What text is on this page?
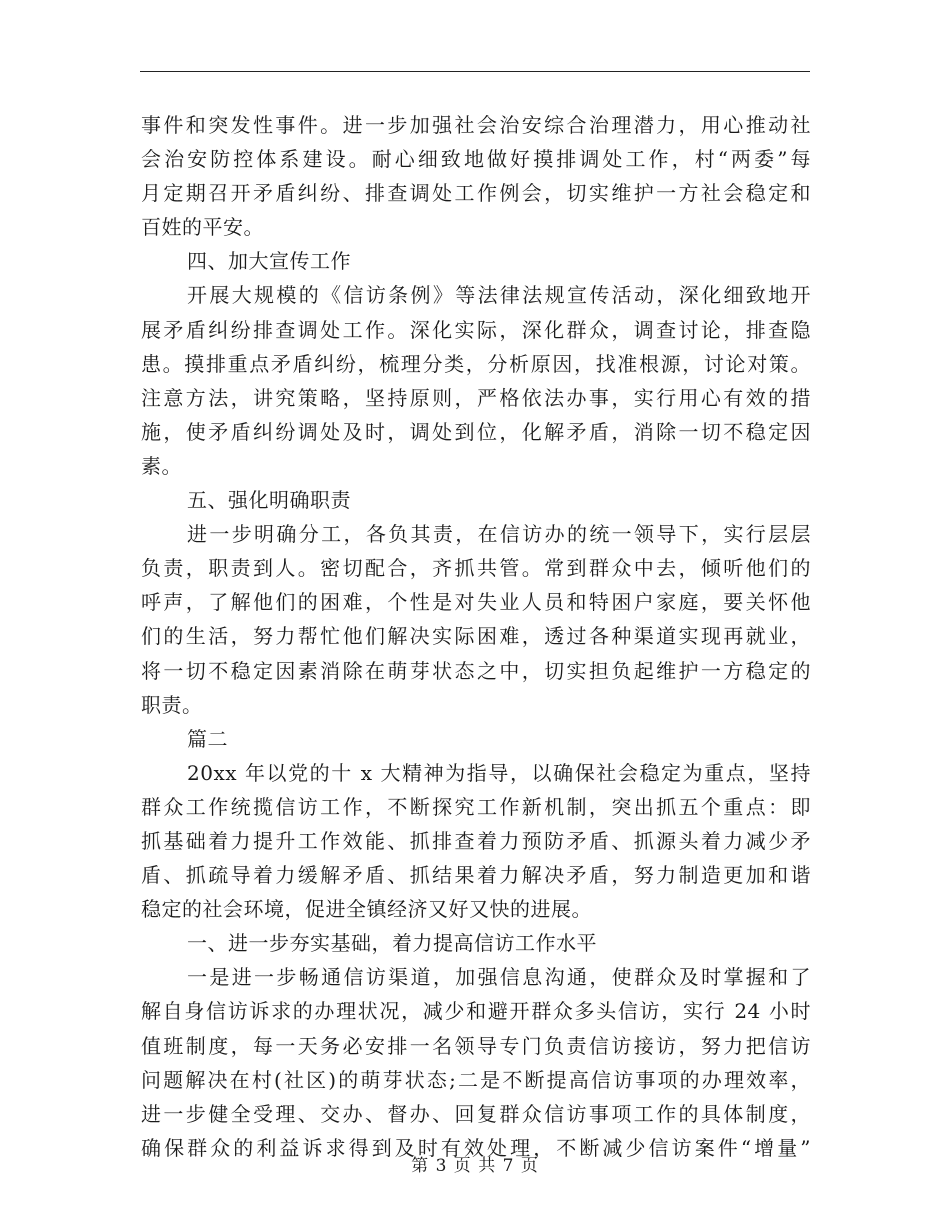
事件和突发性事件。进一步加强社会治安综合治理潜力，用心推动社
会治安防控体系建设。耐心细致地做好摸排调处工作，村“两委”每
月定期召开矛盾纠纷、排查调处工作例会，切实维护一方社会稳定和
百姓的平安。
四、加大宣传工作
开展大规模的《信访条例》等法律法规宣传活动，深化细致地开
展矛盾纠纷排查调处工作。深化实际，深化群众，调查讨论，排查隐
患。摸排重点矛盾纠纷，梳理分类，分析原因，找准根源，讨论对策。
注意方法，讲究策略，坚持原则，严格依法办事，实行用心有效的措
施，使矛盾纠纷调处及时，调处到位，化解矛盾，消除一切不稳定因
素。
五、强化明确职责
进一步明确分工，各负其责，在信访办的统一领导下，实行层层
负责，职责到人。密切配合，齐抓共管。常到群众中去，倾听他们的
呼声，了解他们的困难，个性是对失业人员和特困户家庭，要关怀他
们的生活，努力帮忙他们解决实际困难，透过各种渠道实现再就业，
将一切不稳定因素消除在萌芽状态之中，切实担负起维护一方稳定的
职责。
篇二
20xx 年以党的十 x 大精神为指导，以确保社会稳定为重点，坚持
群众工作统揽信访工作，不断探究工作新机制，突出抓五个重点：即
抓基础着力提升工作效能、抓排查着力预防矛盾、抓源头着力减少矛
盾、抓疏导着力缓解矛盾、抓结果着力解决矛盾，努力制造更加和谐
稳定的社会环境，促进全镇经济又好又快的进展。
一、进一步夯实基础，着力提高信访工作水平
一是进一步畅通信访渠道，加强信息沟通，使群众及时掌握和了
解自身信访诉求的办理状况，减少和避开群众多头信访，实行 24 小时
值班制度，每一天务必安排一名领导专门负责信访接访，努力把信访
问题解决在村(社区)的萌芽状态;二是不断提高信访事项的办理效率，
进一步健全受理、交办、督办、回复群众信访事项工作的具体制度，
确保群众的利益诉求得到及时有效处理，不断减少信访案件“增量”
第 3 页 共 7 页
